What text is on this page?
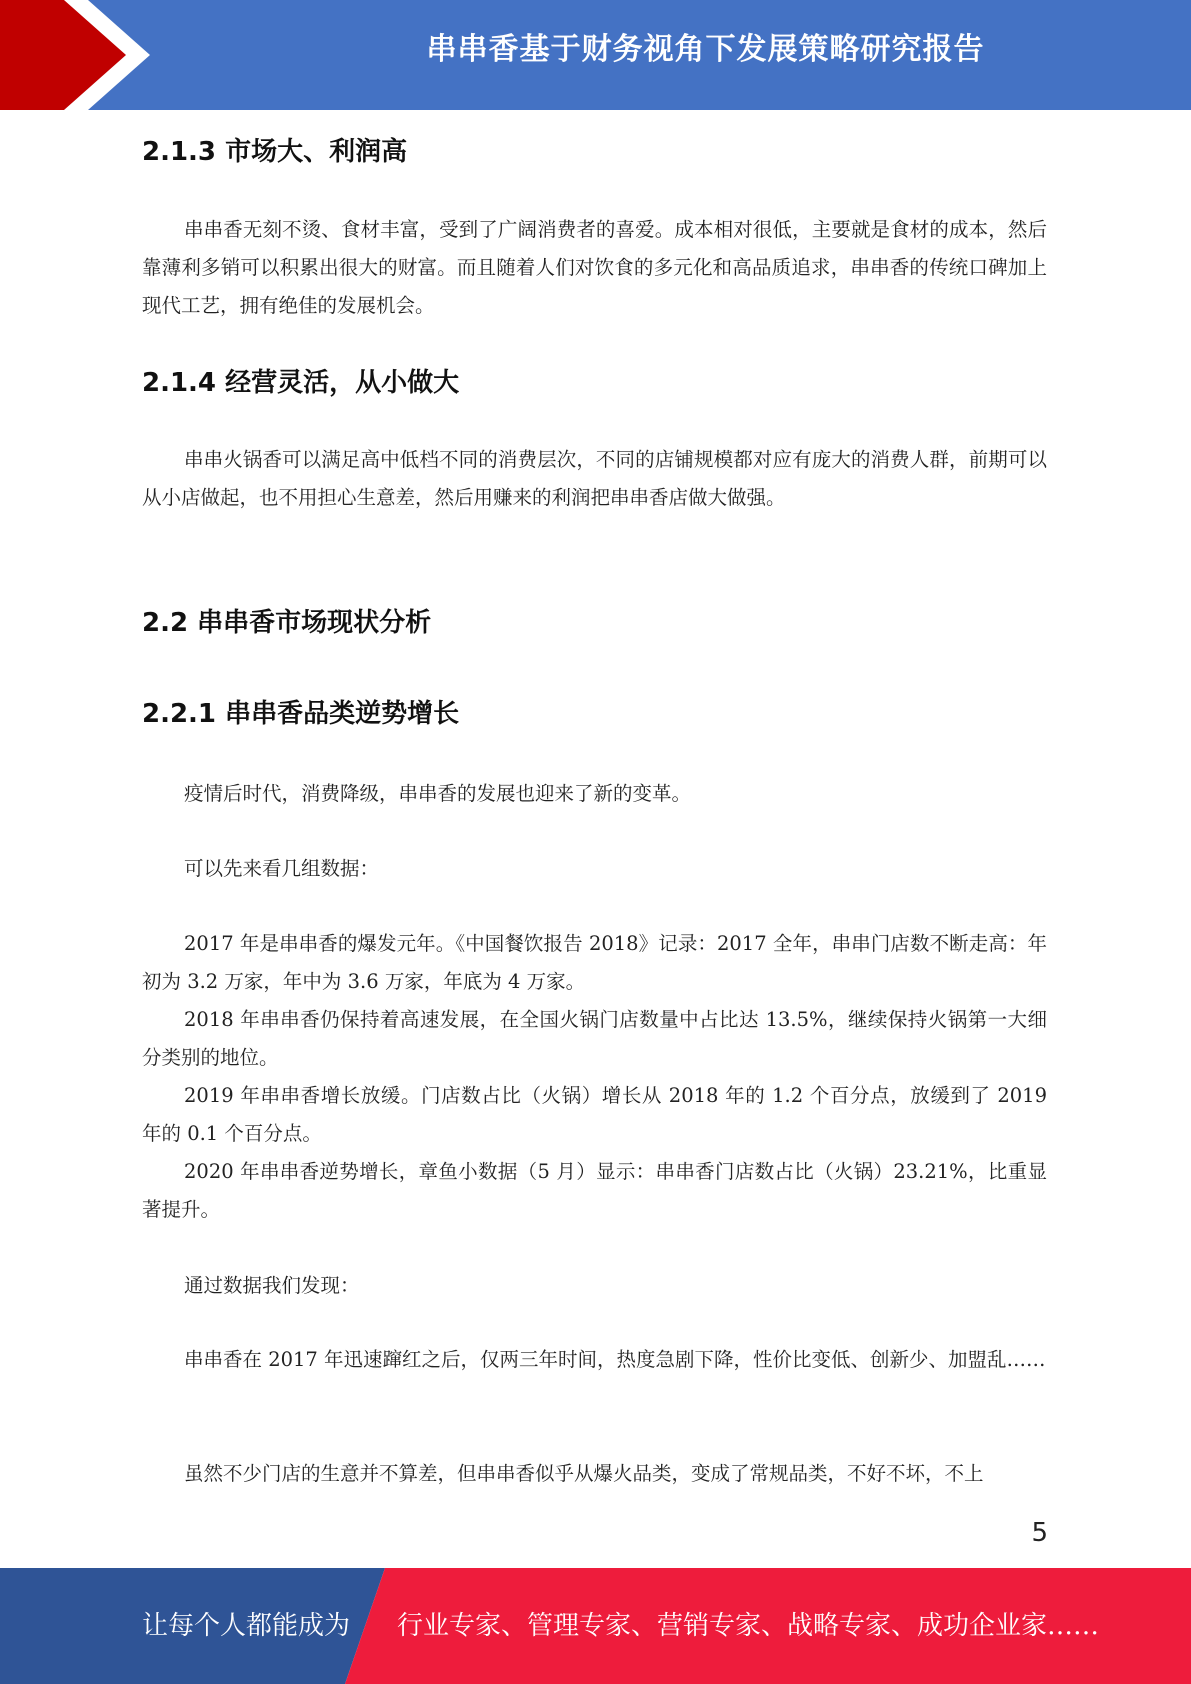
串串香基于财务视角下发展策略研究报告
2.1.3 市场大、利润高
串串香无刻不烫、食材丰富，受到了广阔消费者的喜爱。成本相对很低，主要就是食材的成本，然后靠薄利多销可以积累出很大的财富。而且随着人们对饮食的多元化和高品质追求，串串香的传统口碑加上现代工艺，拥有绝佳的发展机会。
2.1.4 经营灵活，从小做大
串串火锅香可以满足高中低档不同的消费层次，不同的店铺规模都对应有庞大的消费人群，前期可以从小店做起，也不用担心生意差，然后用赚来的利润把串串香店做大做强。
2.2 串串香市场现状分析
2.2.1 串串香品类逆势增长
疫情后时代，消费降级，串串香的发展也迎来了新的变革。
可以先来看几组数据：
2017 年是串串香的爆发元年。《中国餐饮报告 2018》记录：2017 全年，串串门店数不断走高：年初为 3.2 万家，年中为 3.6 万家，年底为 4 万家。
2018 年串串香仍保持着高速发展，在全国火锅门店数量中占比达 13.5%，继续保持火锅第一大细分类别的地位。
2019 年串串香增长放缓。门店数占比（火锅）增长从 2018 年的 1.2 个百分点，放缓到了 2019 年的 0.1 个百分点。
2020 年串串香逆势增长，章鱼小数据（5 月）显示：串串香门店数占比（火锅）23.21%，比重显著提升。
通过数据我们发现：
串串香在 2017 年迅速蹿红之后，仅两三年时间，热度急剧下降，性价比变低、创新少、加盟乱……
虽然不少门店的生意并不算差，但串串香似乎从爆火品类，变成了常规品类，不好不坏，不上
5
让每个人都能成为 行业专家、管理专家、营销专家、战略专家、成功企业家……
